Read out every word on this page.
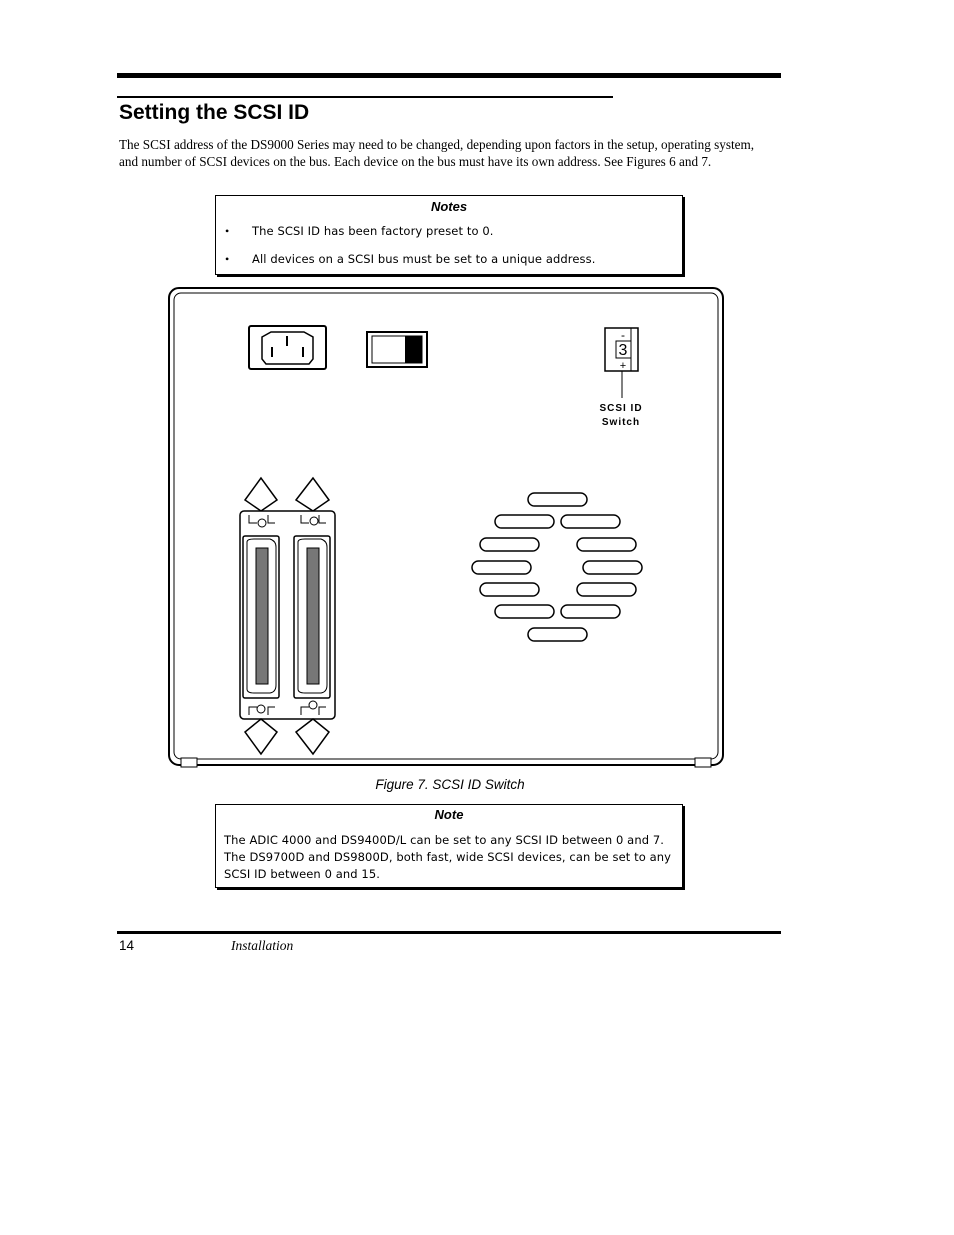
Setting the SCSI ID
The SCSI address of the DS9000 Series may need to be changed, depending upon factors in the setup, operating system, and number of SCSI devices on the bus. Each device on the bus must have its own address. See Figures 6 and 7.
Notes
• The SCSI ID has been factory preset to 0.
• All devices on a SCSI bus must be set to a unique address.
-
3
+
SCSI ID
Switch
Figure 7. SCSI ID Switch
Note
The ADIC 4000 and DS9400D/L can be set to any SCSI ID between 0 and 7.
The DS9700D and DS9800D, both fast, wide SCSI devices, can be set to any
SCSI ID between 0 and 15.
14	Installation
